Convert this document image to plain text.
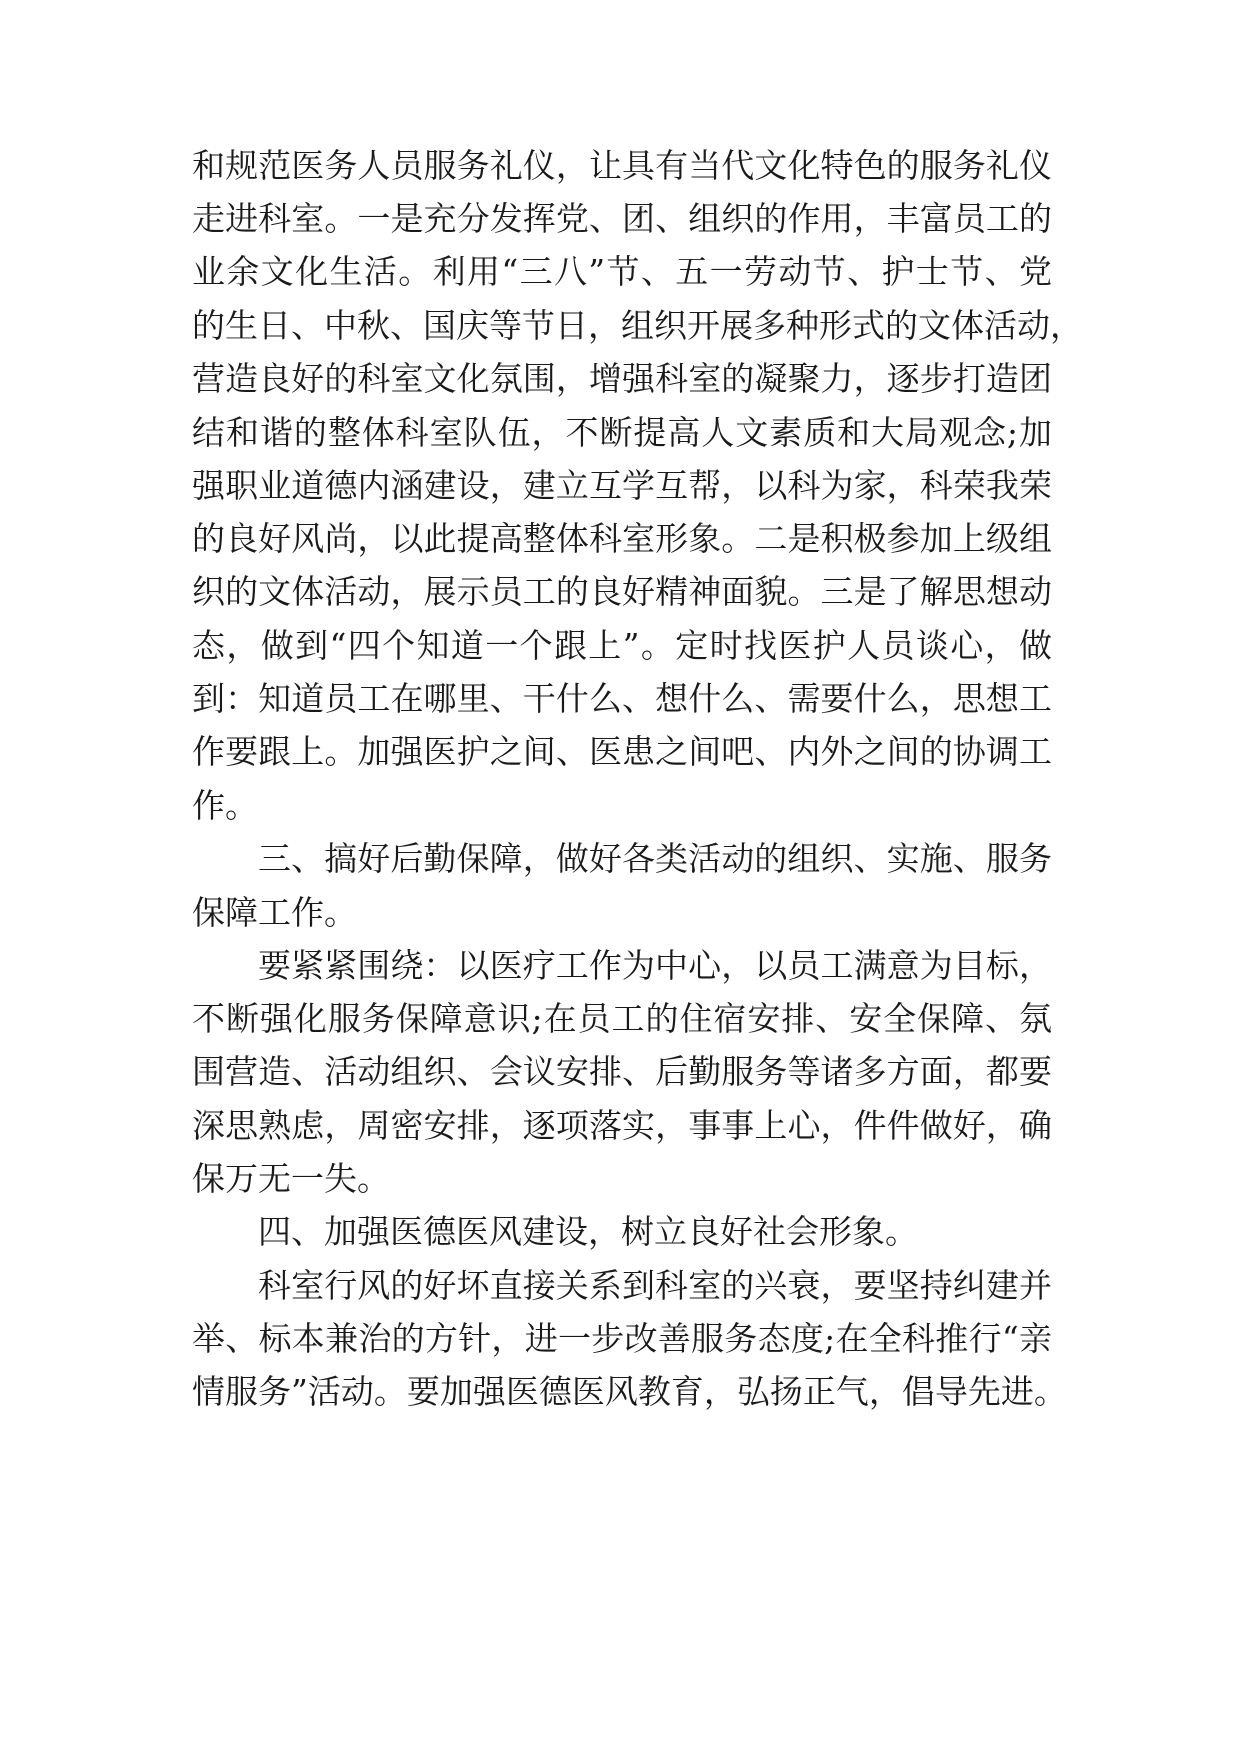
和规范医务人员服务礼仪，让具有当代文化特色的服务礼仪
走进科室。一是充分发挥党、团、组织的作用，丰富员工的
业余文化生活。利用“三八”节、五一劳动节、护士节、党
的生日、中秋、国庆等节日，组织开展多种形式的文体活动，
营造良好的科室文化氛围，增强科室的凝聚力，逐步打造团
结和谐的整体科室队伍，不断提高人文素质和大局观念;加
强职业道德内涵建设，建立互学互帮，以科为家，科荣我荣
的良好风尚，以此提高整体科室形象。二是积极参加上级组
织的文体活动，展示员工的良好精神面貌。三是了解思想动
态，做到“四个知道一个跟上”。定时找医护人员谈心，做
到：知道员工在哪里、干什么、想什么、需要什么，思想工
作要跟上。加强医护之间、医患之间吧、内外之间的协调工
作。
三、搞好后勤保障，做好各类活动的组织、实施、服务
保障工作。
要紧紧围绕：以医疗工作为中心，以员工满意为目标，
不断强化服务保障意识;在员工的住宿安排、安全保障、氛
围营造、活动组织、会议安排、后勤服务等诸多方面，都要
深思熟虑，周密安排，逐项落实，事事上心，件件做好，确
保万无一失。
四、加强医德医风建设，树立良好社会形象。
科室行风的好坏直接关系到科室的兴衰，要坚持纠建并
举、标本兼治的方针，进一步改善服务态度;在全科推行“亲
情服务”活动。要加强医德医风教育，弘扬正气，倡导先进。
